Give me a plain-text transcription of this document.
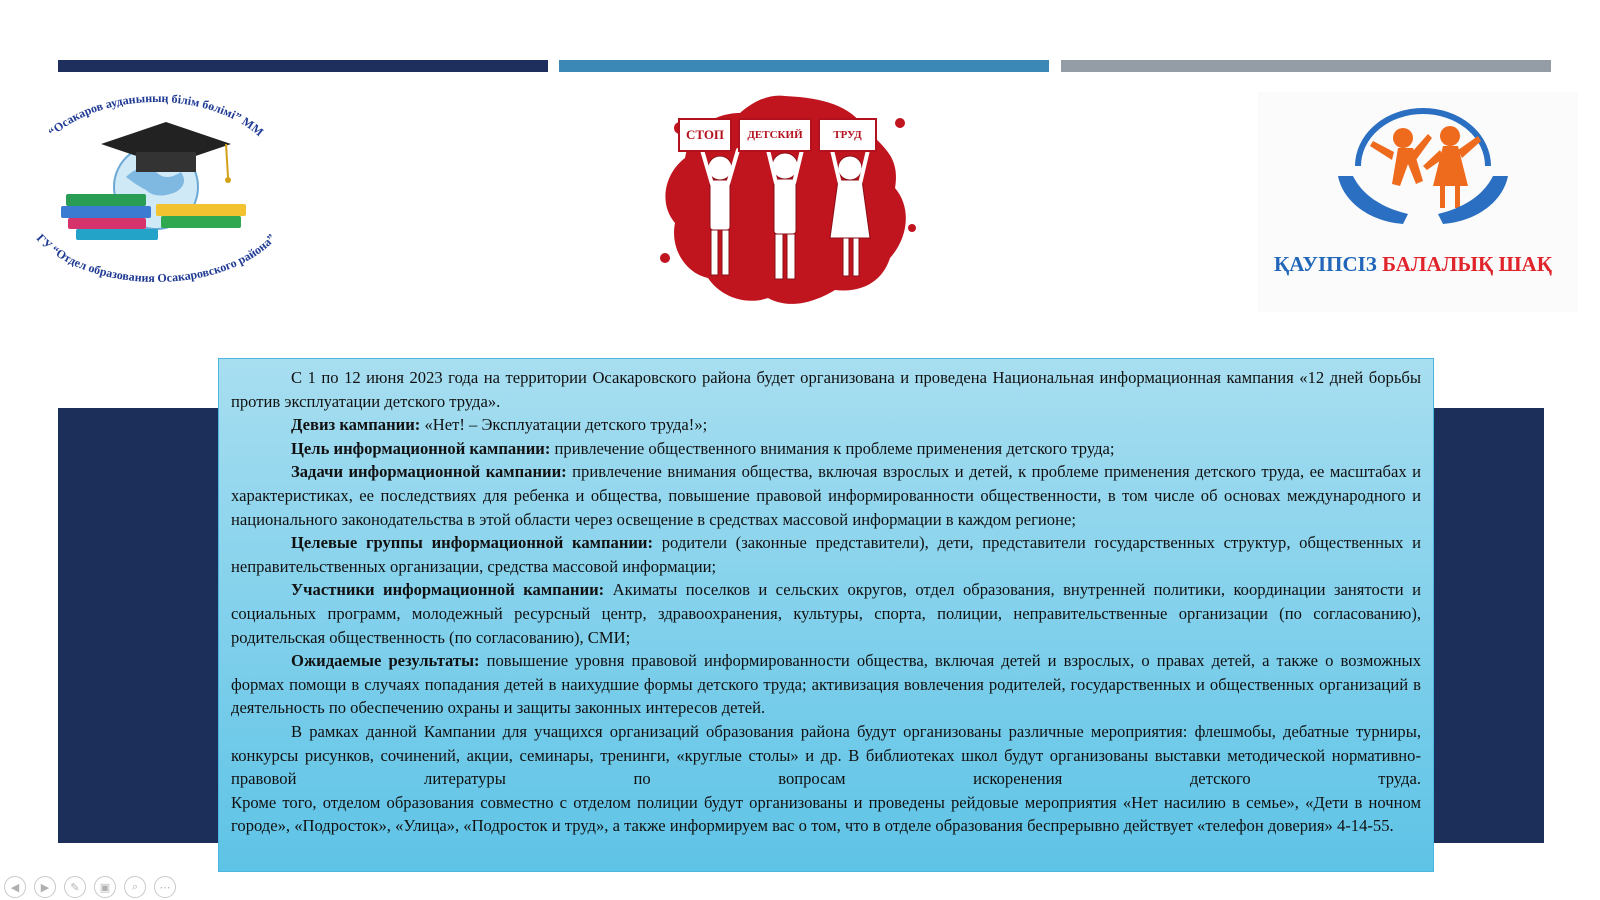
“Осакаров ауданының білім бөлімі” ММ
ГУ “Отдел образования Осакаровского района”
СТОП	ДЕТСКИЙ	ТРУД
ҚАУІПСІЗ БАЛАЛЫҚ ШАҚ

С 1 по 12 июня 2023 года на территории Осакаровского района будет организована и проведена Национальная информационная кампания «12 дней борьбы против эксплуатации детского труда».

Девиз кампании: «Нет! – Эксплуатации детского труда!»;

Цель информационной кампании: привлечение общественного внимания к проблеме применения детского труда;

Задачи информационной кампании: привлечение внимания общества, включая взрослых и детей, к проблеме применения детского труда, ее масштабах и характеристиках, ее последствиях для ребенка и общества, повышение правовой информированности общественности, в том числе об основах международного и национального законодательства в этой области через освещение в средствах массовой информации в каждом регионе;

Целевые группы информационной кампании: родители (законные представители), дети, представители государственных структур, общественных и неправительственных организации, средства массовой информации;

Участники информационной кампании: Акиматы поселков и сельских округов, отдел образования, внутренней политики, координации занятости и социальных программ, молодежный ресурсный центр, здравоохранения, культуры, спорта, полиции, неправительственные организации (по согласованию), родительская общественность (по согласованию), СМИ;

Ожидаемые результаты: повышение уровня правовой информированности общества, включая детей и взрослых, о правах детей, а также о возможных формах помощи в случаях попадания детей в наихудшие формы детского труда; активизация вовлечения родителей, государственных и общественных организаций в деятельность по обеспечению охраны и защиты законных интересов детей.

В рамках данной Кампании для учащихся организаций образования района будут организованы различные мероприятия: флешмобы, дебатные турниры, конкурсы рисунков, сочинений, акции, семинары, тренинги, «круглые столы» и др. В библиотеках школ будут организованы выставки методической нормативно-правовой литературы по вопросам искоренения детского труда.

Кроме того, отделом образования совместно с отделом полиции будут организованы и проведены рейдовые мероприятия «Нет насилию в семье», «Дети в ночном городе», «Подросток», «Улица», «Подросток и труд», а также информируем вас о том, что в отделе образования беспрерывно действует «телефон доверия» 4-14-55.

◀	▶	✎	▣	⌕	⋯
